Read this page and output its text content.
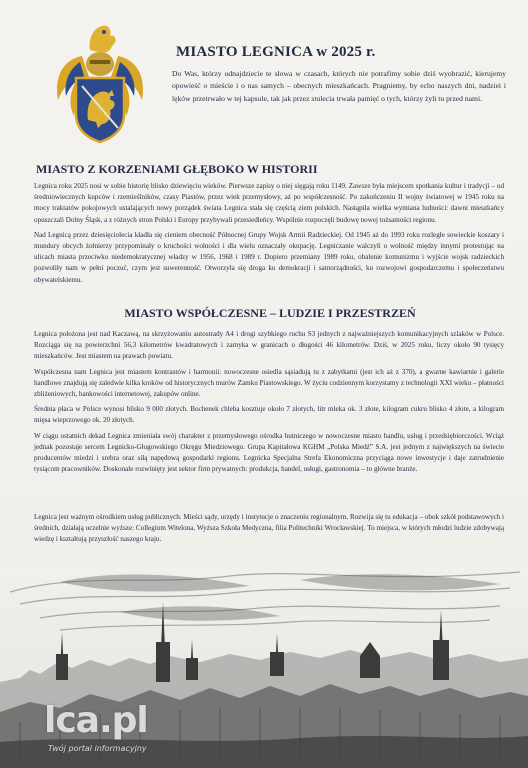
MIASTO LEGNICA w 2025 r.

Do Was, którzy odnajdziecie te słowa w czasach, których nie potrafimy sobie dziś wyobrazić, kierujemy opowieść o mieście i o nas samych – obecnych mieszkańcach. Pragniemy, by echo naszych dni, nadziei i lęków przetrwało w tej kapsule, tak jak przez stulecia trwała pamięć o tych, którzy żyli tu przed nami.

MIASTO Z KORZENIAMI GŁĘBOKO W HISTORII

Legnica roku 2025 nosi w sobie historię blisko dziewięciu wieków. Pierwsze zapisy o niej sięgają roku 1149. Zawsze była miejscem spotkania kultur i tradycji – od średniowiecznych kupców i rzemieślników, czasy Piastów, przez wiek przemysłowy, aż po współczesność. Po zakończeniu II wojny światowej w 1945 roku na mocy traktatów pokojowych ustalających nowy porządek świata Legnica stała się częścią ziem polskich. Nastąpiła wielka wymiana ludności: dawni mieszkańcy opuszczali Dolny Śląsk, a z różnych stron Polski i Europy przybywali przesiedleńcy. Wspólnie rozpoczęli budowę nowej tożsamości regionu.

Nad Legnicą przez dziesięciolecia kładła się cieniem obecność Północnej Grupy Wojsk Armii Radzieckiej. Od 1945 aż do 1993 roku rozległe sowieckie koszary i mundury obcych żołnierzy przypominały o kruchości wolności i dla wielu oznaczały okupację. Legniczanie walczyli o wolność między innymi protestując na ulicach miasta przeciwko niedemokratycznej władzy w 1956, 1968 i 1989 r. Dopiero przemiany 1989 roku, obalenie komunizmu i wyjście wojsk radzieckich pozwoliły nam w pełni poczuć, czym jest suwerenność. Otworzyła się droga ku demokracji i samorządności, ku rozwojowi gospodarczemu i społeczeństwu obywatelskiemu.

MIASTO WSPÓŁCZESNE – LUDZIE I PRZESTRZEŃ

Legnica położona jest nad Kaczawą, na skrzyżowaniu autostrady A4 i drogi szybkiego ruchu S3 jednych z najważniejszych komunikacyjnych szlaków w Polsce. Rozciąga się na powierzchni 56,3 kilometrów kwadratowych i zamyka w granicach o długości 46 kilometrów. Dziś, w 2025 roku, liczy około 90 tysięcy mieszkańców. Jest miastem na prawach powiatu.

Współczesna nam Legnica jest miastem kontrastów i harmonii: nowoczesne osiedla sąsiadują tu z zabytkami (jest ich aż z 370), a gwarne kawiarnie i galerie handlowe znajdują się zaledwie kilka kroków od historycznych murów Zamku Piastowskiego. W życiu codziennym korzystamy z technologii XXI wieku – płatności zbliżeniowych, bankowości internetowej, zakupów online.

Średnia płaca w Polsce wynosi blisko 9 000 złotych. Bochenek chleba kosztuje około 7 złotych, litr mleka ok. 3 złote, kilogram cukru blisko 4 złote, a kilogram mięsa wieprzowego ok. 20 złotych.

W ciągu ostatnich dekad Legnica zmieniała swój charakter z przemysłowego ośrodka hutniczego w nowoczesne miasto handlu, usług i przedsiębiorczości. Wciąż jednak pozostaje sercem Legnicko-Głogowskiego Okręgu Miedziowego. Grupa Kapitałowa KGHM „Polska Miedź” S.A. jest jednym z największych na świecie producentów miedzi i srebra oraz siłą napędową gospodarki regionu. Legnicka Specjalna Strefa Ekonomiczna przyciąga nowe inwestycje i daje zatrudnienie tysiącom pracowników. Doskonale rozwinięty jest sektor firm prywatnych: produkcja, handel, usługi, gastronomia – to główne branże.

Legnica jest ważnym ośrodkiem usług publicznych. Mieści sądy, urzędy i instytucje o znaczeniu regionalnym. Rozwija się tu edukacja – obok szkół podstawowych i średnich, działają uczelnie wyższe: Collegium Witelona, Wyższa Szkoła Medyczna, filia Politechniki Wrocławskiej. To miejsca, w których młodzi ludzie zdobywają wiedzę i kształtują przyszłość naszego kraju.

lca.pl
Twój portal informacyjny
